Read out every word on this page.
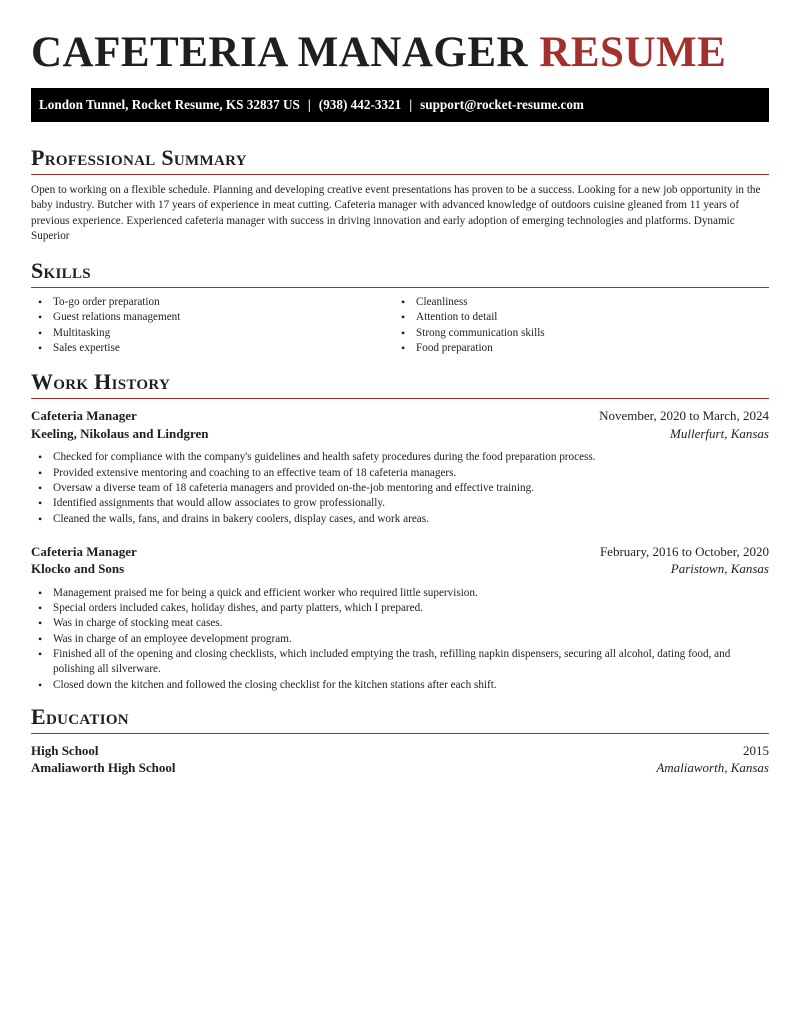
CAFETERIA MANAGER RESUME
London Tunnel, Rocket Resume, KS 32837 US | (938) 442-3321 | support@rocket-resume.com
Professional Summary

Open to working on a flexible schedule. Planning and developing creative event presentations has proven to be a success. Looking for a new job opportunity in the baby industry. Butcher with 17 years of experience in meat cutting. Cafeteria manager with advanced knowledge of outdoors cuisine gleaned from 11 years of previous experience. Experienced cafeteria manager with success in driving innovation and early adoption of emerging technologies and platforms. Dynamic Superior

Skills
• To-go order preparation
• Guest relations management
• Multitasking
• Sales expertise
• Cleanliness
• Attention to detail
• Strong communication skills
• Food preparation
Work History
Cafeteria Manager	November, 2020 to March, 2024
Keeling, Nikolaus and Lindgren	Mullerfurt, Kansas
• Checked for compliance with the company's guidelines and health safety procedures during the food preparation process.
• Provided extensive mentoring and coaching to an effective team of 18 cafeteria managers.
• Oversaw a diverse team of 18 cafeteria managers and provided on-the-job mentoring and effective training.
• Identified assignments that would allow associates to grow professionally.
• Cleaned the walls, fans, and drains in bakery coolers, display cases, and work areas.
Cafeteria Manager	February, 2016 to October, 2020
Klocko and Sons	Paristown, Kansas
• Management praised me for being a quick and efficient worker who required little supervision.
• Special orders included cakes, holiday dishes, and party platters, which I prepared.
• Was in charge of stocking meat cases.
• Was in charge of an employee development program.
• Finished all of the opening and closing checklists, which included emptying the trash, refilling napkin dispensers, securing all alcohol, dating food, and polishing all silverware.
• Closed down the kitchen and followed the closing checklist for the kitchen stations after each shift.
Education
High School	2015
Amaliaworth High School	Amaliaworth, Kansas
